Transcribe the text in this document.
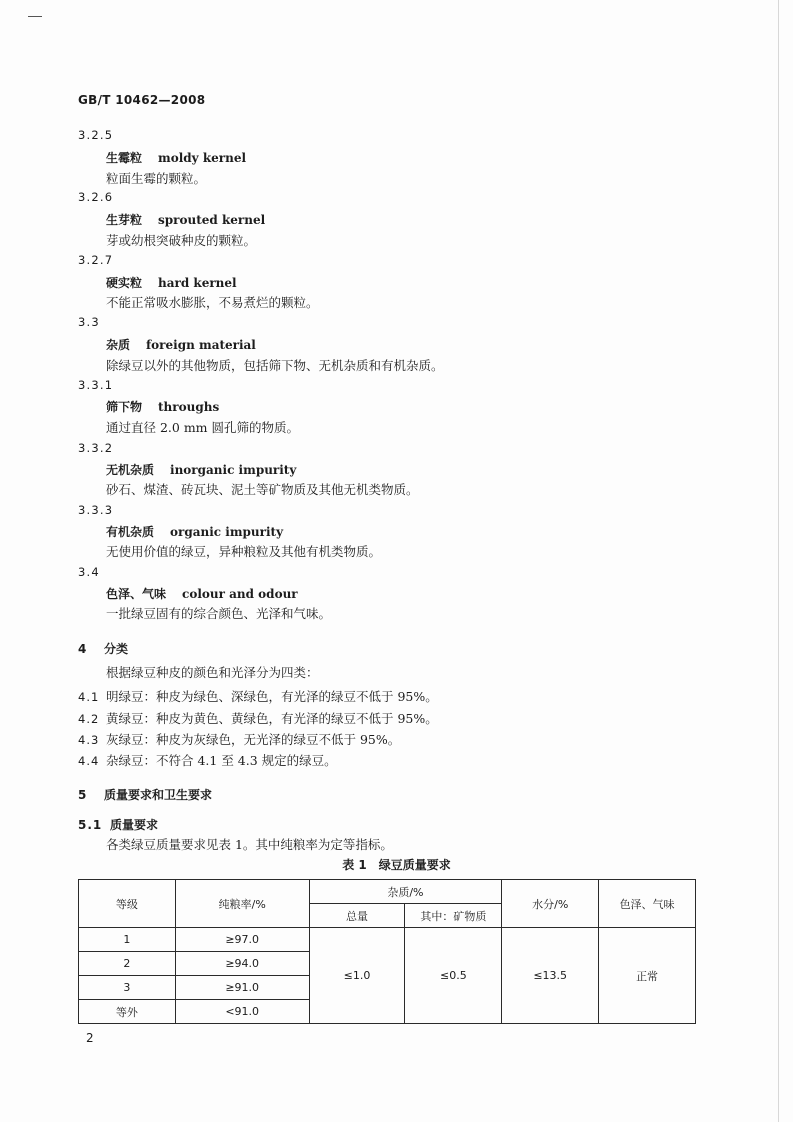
GB/T 10462—2008
3.2.5
生霉粒 moldy kernel
粒面生霉的颗粒。
3.2.6
生芽粒 sprouted kernel
芽或幼根突破种皮的颗粒。
3.2.7
硬实粒 hard kernel
不能正常吸水膨胀，不易煮烂的颗粒。
3.3
杂质 foreign material
除绿豆以外的其他物质，包括筛下物、无机杂质和有机杂质。
3.3.1
筛下物 throughs
通过直径 2.0 mm 圆孔筛的物质。
3.3.2
无机杂质 inorganic impurity
砂石、煤渣、砖瓦块、泥土等矿物质及其他无机类物质。
3.3.3
有机杂质 organic impurity
无使用价值的绿豆，异种粮粒及其他有机类物质。
3.4
色泽、气味 colour and odour
一批绿豆固有的综合颜色、光泽和气味。
4 分类
根据绿豆种皮的颜色和光泽分为四类：
4.1 明绿豆：种皮为绿色、深绿色，有光泽的绿豆不低于 95%。
4.2 黄绿豆：种皮为黄色、黄绿色，有光泽的绿豆不低于 95%。
4.3 灰绿豆：种皮为灰绿色，无光泽的绿豆不低于 95%。
4.4 杂绿豆：不符合 4.1 至 4.3 规定的绿豆。
5 质量要求和卫生要求
5.1 质量要求
各类绿豆质量要求见表 1。其中纯粮率为定等指标。
表 1　绿豆质量要求
等级	纯粮率/%	杂质/%		水分/%	色泽、气味
		总量	其中：矿物质		
1	≥97.0	≤1.0	≤0.5	≤13.5	正常
2	≥94.0				
3	≥91.0				
等外	<91.0				
2
